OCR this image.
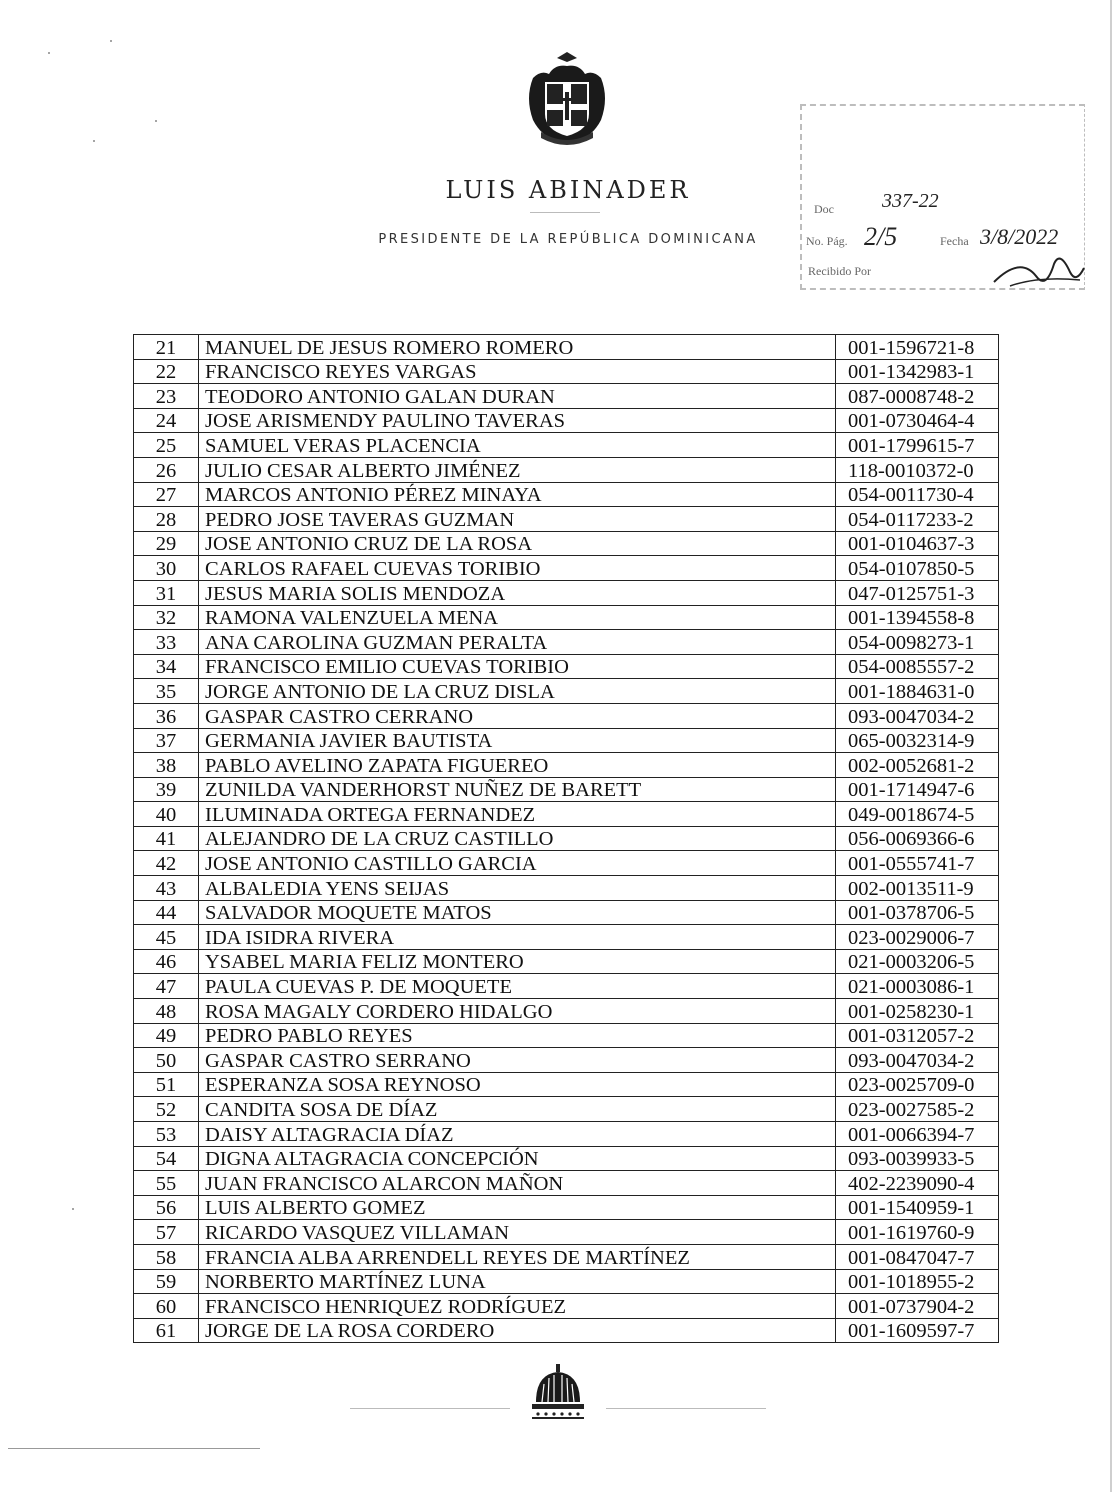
LUIS ABINADER
PRESIDENTE DE LA REPÚBLICA DOMINICANA
Doc 337-22
No. Pág. 2/5	Fecha 3/8/2022
Recibido Por
21	MANUEL DE JESUS ROMERO ROMERO	001-1596721-8
22	FRANCISCO REYES VARGAS	001-1342983-1
23	TEODORO ANTONIO GALAN DURAN	087-0008748-2
24	JOSE ARISMENDY PAULINO TAVERAS	001-0730464-4
25	SAMUEL VERAS PLACENCIA	001-1799615-7
26	JULIO CESAR ALBERTO JIMÉNEZ	118-0010372-0
27	MARCOS ANTONIO PÉREZ MINAYA	054-0011730-4
28	PEDRO JOSE TAVERAS GUZMAN	054-0117233-2
29	JOSE ANTONIO CRUZ DE LA ROSA	001-0104637-3
30	CARLOS RAFAEL CUEVAS TORIBIO	054-0107850-5
31	JESUS MARIA SOLIS MENDOZA	047-0125751-3
32	RAMONA VALENZUELA MENA	001-1394558-8
33	ANA CAROLINA GUZMAN PERALTA	054-0098273-1
34	FRANCISCO EMILIO CUEVAS TORIBIO	054-0085557-2
35	JORGE ANTONIO DE LA CRUZ DISLA	001-1884631-0
36	GASPAR CASTRO CERRANO	093-0047034-2
37	GERMANIA JAVIER BAUTISTA	065-0032314-9
38	PABLO AVELINO ZAPATA FIGUEREO	002-0052681-2
39	ZUNILDA VANDERHORST NUÑEZ DE BARETT	001-1714947-6
40	ILUMINADA ORTEGA FERNANDEZ	049-0018674-5
41	ALEJANDRO DE LA CRUZ CASTILLO	056-0069366-6
42	JOSE ANTONIO CASTILLO GARCIA	001-0555741-7
43	ALBALEDIA YENS SEIJAS	002-0013511-9
44	SALVADOR MOQUETE MATOS	001-0378706-5
45	IDA ISIDRA RIVERA	023-0029006-7
46	YSABEL MARIA FELIZ MONTERO	021-0003206-5
47	PAULA CUEVAS P. DE MOQUETE	021-0003086-1
48	ROSA MAGALY CORDERO HIDALGO	001-0258230-1
49	PEDRO PABLO REYES	001-0312057-2
50	GASPAR CASTRO SERRANO	093-0047034-2
51	ESPERANZA SOSA REYNOSO	023-0025709-0
52	CANDITA SOSA DE DÍAZ	023-0027585-2
53	DAISY ALTAGRACIA DÍAZ	001-0066394-7
54	DIGNA ALTAGRACIA CONCEPCIÓN	093-0039933-5
55	JUAN FRANCISCO ALARCON MAÑON	402-2239090-4
56	LUIS ALBERTO GOMEZ	001-1540959-1
57	RICARDO VASQUEZ VILLAMAN	001-1619760-9
58	FRANCIA ALBA ARRENDELL REYES DE MARTÍNEZ	001-0847047-7
59	NORBERTO MARTÍNEZ LUNA	001-1018955-2
60	FRANCISCO HENRIQUEZ RODRÍGUEZ	001-0737904-2
61	JORGE DE LA ROSA CORDERO	001-1609597-7
